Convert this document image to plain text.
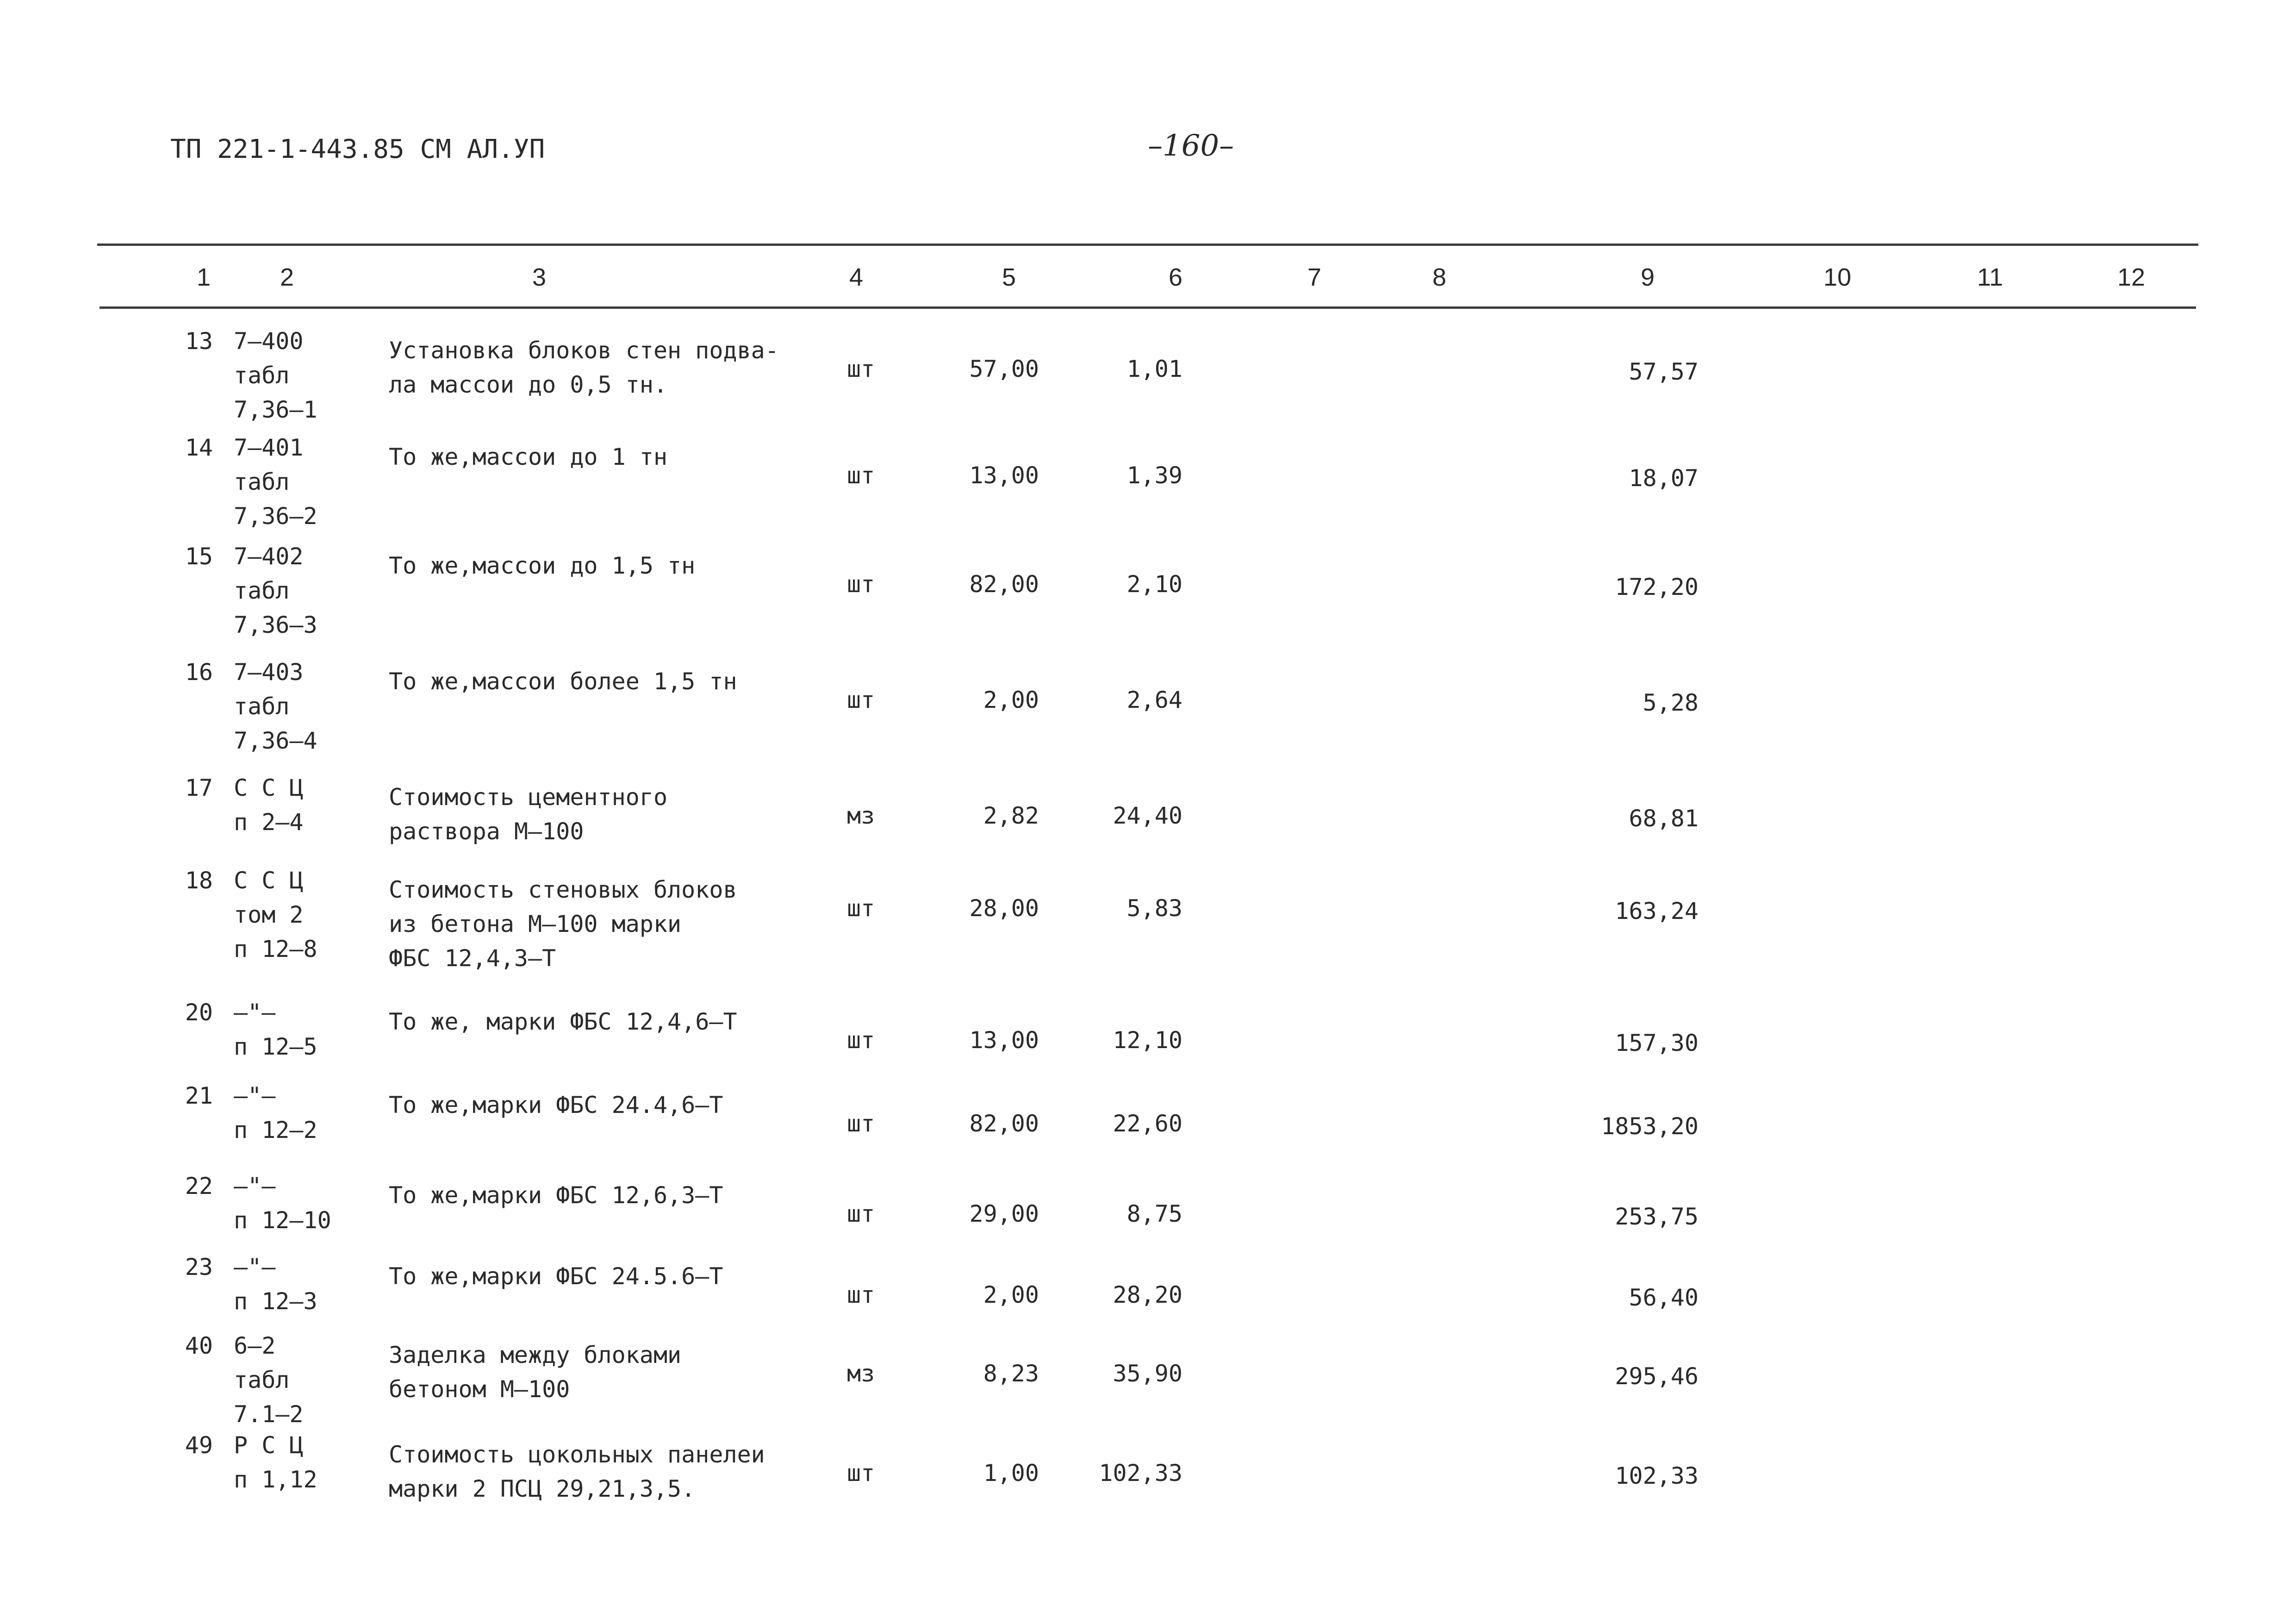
ТП 221-1-443.85 СМ АЛ.УП	–160–
1	2	3	4	5	6	7	8	9	10	11	12
13 7–400
табл
7,36–1
Установка блоков стен подва-
ла массои до 0,5 тн.
шт	57,00	1,01	57,57
14 7–401
табл
7,36–2
То же,массои до 1 тн
шт	13,00	1,39	18,07
15 7–402
табл
7,36–3
То же,массои до 1,5 тн
шт	82,00	2,10	172,20
16 7–403
табл
7,36–4
То же,массои более 1,5 тн
шт	2,00	2,64	5,28
17 С С Ц
п 2–4
Стоимость цементного
раствора М–100
мз	2,82	24,40	68,81
18 С С Ц
том 2
п 12–8
Стоимость стеновых блоков
из бетона М–100 марки
ФБС 12,4,3–Т
шт	28,00	5,83	163,24
20 –"–
п 12–5
То же, марки ФБС 12,4,6–Т
шт	13,00	12,10	157,30
21 –"–
п 12–2
То же,марки ФБС 24.4,6–Т
шт	82,00	22,60	1853,20
22 –"–
п 12–10
То же,марки ФБС 12,6,3–Т
шт	29,00	8,75	253,75
23 –"–
п 12–3
То же,марки ФБС 24.5.6–Т
шт	2,00	28,20	56,40
40 6–2
табл
7.1–2
Заделка между блоками
бетоном М–100
мз	8,23	35,90	295,46
49 Р С Ц
п 1,12
Стоимость цокольных панелеи
марки 2 ПСЦ 29,21,3,5.
шт	1,00	102,33	102,33
